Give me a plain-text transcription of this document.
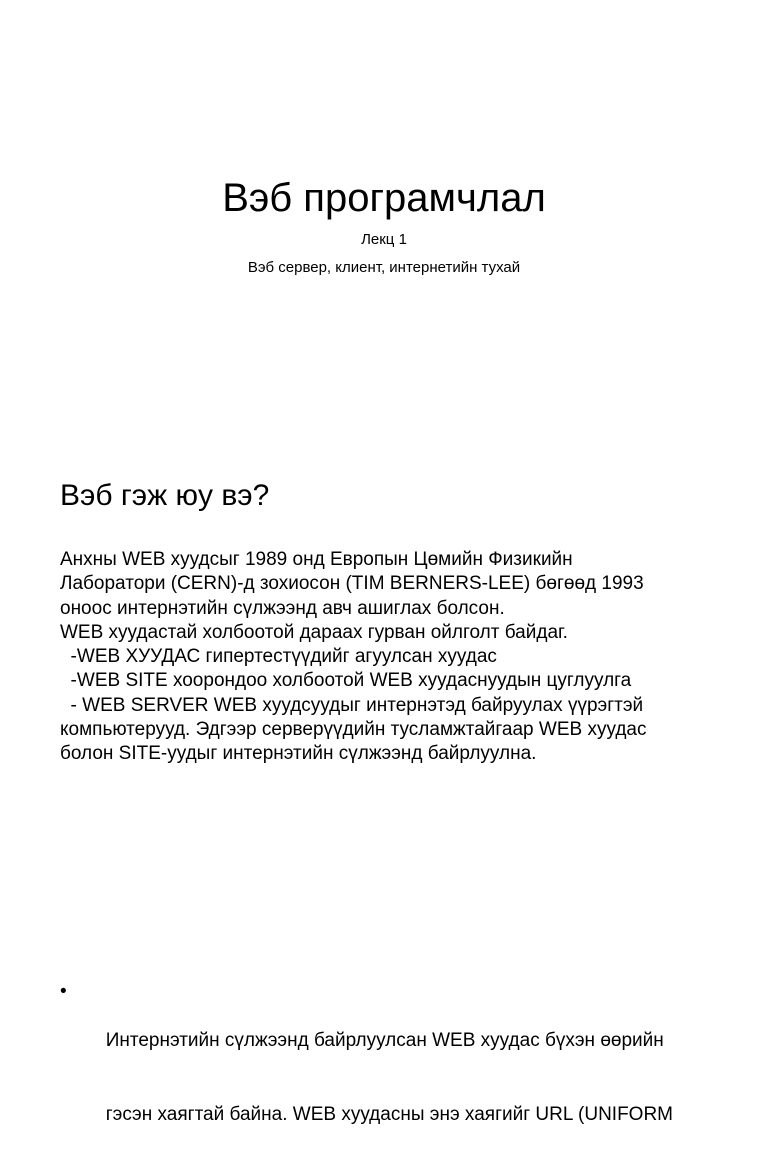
Вэб програмчлал
Лекц 1
Вэб сервер, клиент, интернетийн тухай
Вэб гэж юу вэ?
Анхны WEB хуудсыг 1989 онд Европын Цөмийн Физикийн
Лаборатори (CERN)-д зохиосон (TIM BERNERS-LEE) бөгөөд 1993
оноос интернэтийн сүлжээнд авч ашиглах болсон.
WEB хуудастай холбоотой дараах гурван ойлголт байдаг.
-WEB ХУУДАС гипертестүүдийг агуулсан хуудас
-WEB SITE хоорондоо холбоотой WEB хуудаснуудын цуглуулга
- WEB SERVER WEB хуудсуудыг интернэтэд байруулах үүрэгтэй
компьютерууд. Эдгээр серверүүдийн тусламжтайгаар WEB хуудас
болон SITE-уудыг интернэтийн сүлжээнд байрлуулна.

•

Интернэтийн сүлжээнд байрлуулсан WEB хуудас бүхэн өөрийн

гэсэн хаягтай байна. WEB хуудасны энэ хаягийг URL (UNIFORM
